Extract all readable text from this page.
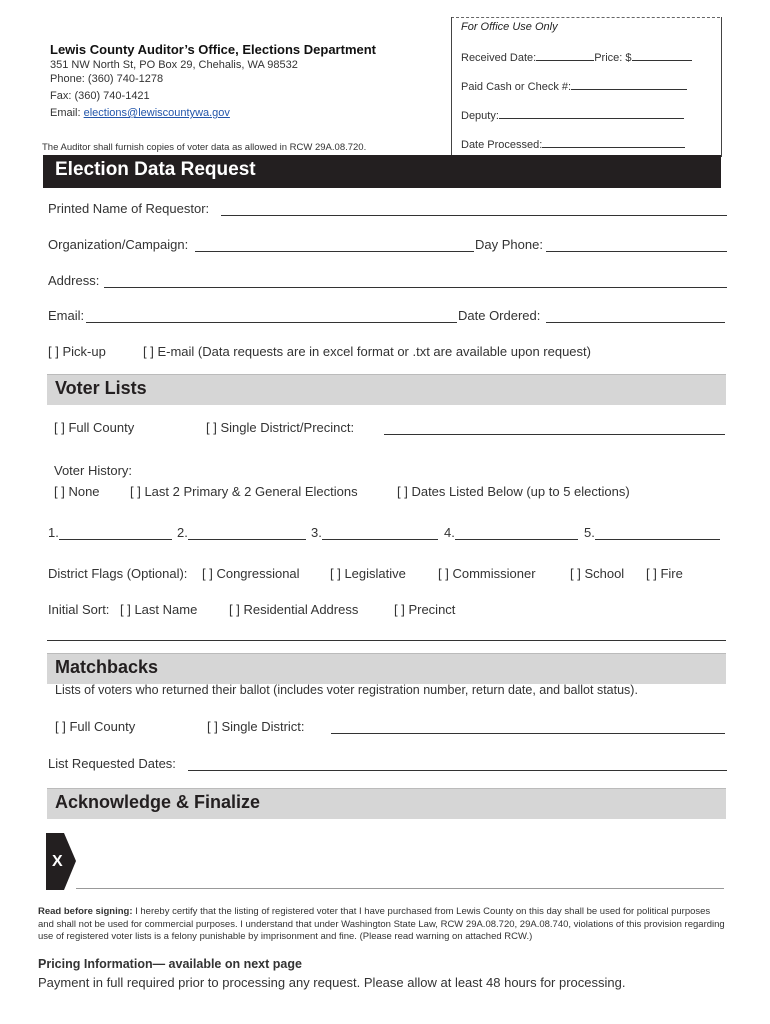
For Office Use Only
Received Date:	Price: $
Paid Cash or Check #:
Deputy:
Date Processed:
Lewis County Auditor’s Office, Elections Department
351 NW North St, PO Box 29, Chehalis, WA 98532
Phone: (360) 740-1278
Fax: (360) 740-1421
Email: elections@lewiscountywa.gov
The Auditor shall furnish copies of voter data as allowed in RCW 29A.08.720.
Election Data Request
Printed Name of Requestor:
Organization/Campaign:	Day Phone:
Address:
Email:	Date Ordered:
[ ] Pick-up	[ ] E-mail (Data requests are in excel format or .txt are available upon request)
Voter Lists
[ ] Full County	[ ] Single District/Precinct:
Voter History:
[ ] None [ ] Last 2 Primary & 2 General Elections	[ ] Dates Listed Below (up to 5 elections)
1.	2.	3.	4.	5.
District Flags (Optional): [ ] Congressional [ ] Legislative [ ] Commissioner	[ ] School [ ] Fire
Initial Sort: [ ] Last Name [ ] Residential Address	[ ] Precinct
Matchbacks
Lists of voters who returned their ballot (includes voter registration number, return date, and ballot status).
[ ] Full County	[ ] Single District:
List Requested Dates:
Acknowledge & Finalize
X
Read before signing: I hereby certify that the listing of registered voter that I have purchased from Lewis County on this day shall be used for political purposes and shall not be used for commercial purposes. I understand that under Washington State Law, RCW 29A.08.720, 29A.08.740, violations of this provision regarding use of registered voter lists is a felony punishable by imprisonment and fine. (Please read warning on attached RCW.)
Pricing Information— available on next page
Payment in full required prior to processing any request. Please allow at least 48 hours for processing.
